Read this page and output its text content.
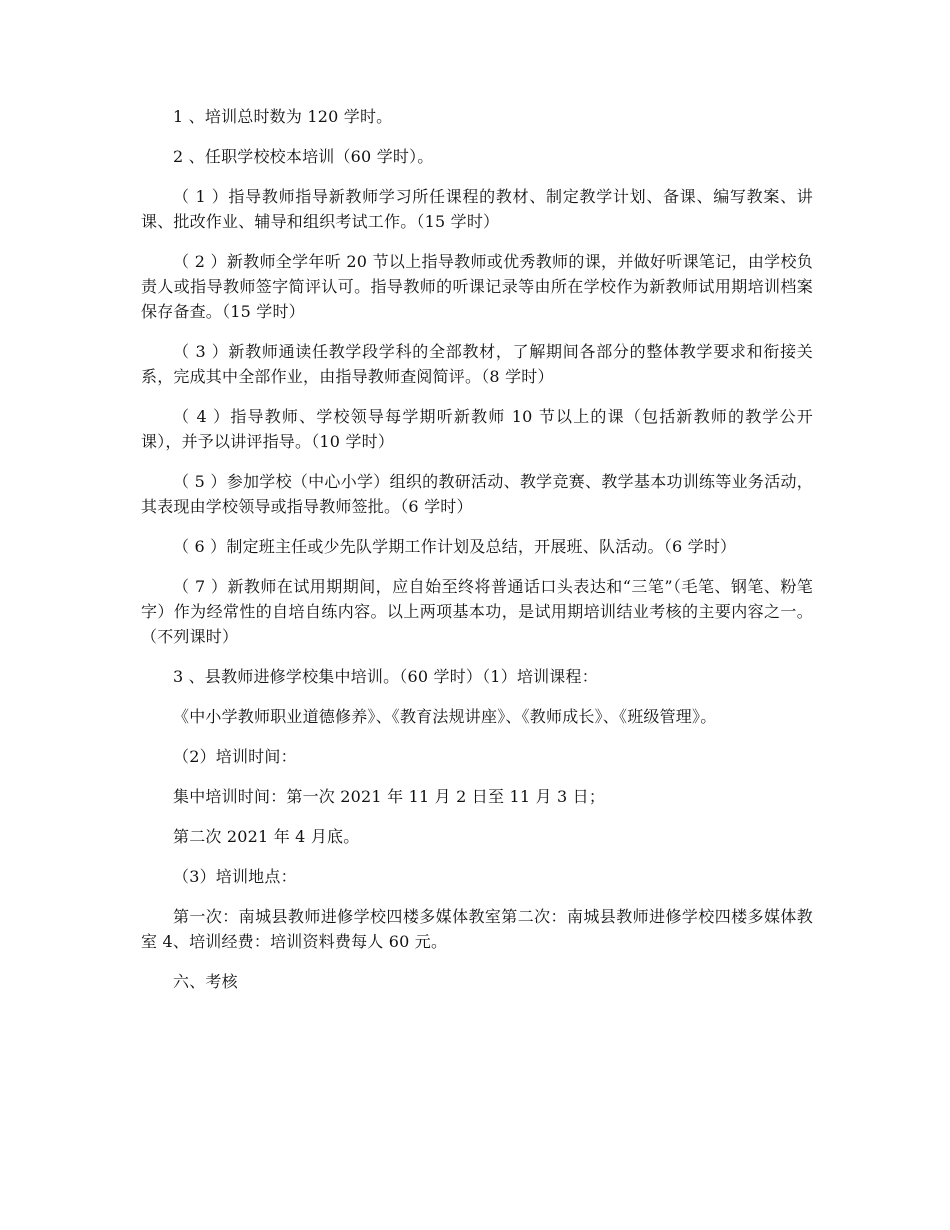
1 、培训总时数为 120 学时。

2 、任职学校校本培训（60 学时）。

（ 1 ）指导教师指导新教师学习所任课程的教材、制定教学计划、备课、编写教案、讲课、批改作业、辅导和组织考试工作。（15 学时）

（ 2 ）新教师全学年听 20 节以上指导教师或优秀教师的课，并做好听课笔记，由学校负责人或指导教师签字简评认可。指导教师的听课记录等由所在学校作为新教师试用期培训档案保存备查。（15 学时）

（ 3 ）新教师通读任教学段学科的全部教材，了解期间各部分的整体教学要求和衔接关系，完成其中全部作业，由指导教师查阅简评。（8 学时）

（ 4 ）指导教师、学校领导每学期听新教师 10 节以上的课（包括新教师的教学公开课），并予以讲评指导。（10 学时）

（ 5 ）参加学校（中心小学）组织的教研活动、教学竞赛、教学基本功训练等业务活动，其表现由学校领导或指导教师签批。（6 学时）

（ 6 ）制定班主任或少先队学期工作计划及总结，开展班、队活动。（6 学时）

（ 7 ）新教师在试用期期间，应自始至终将普通话口头表达和“三笔”（毛笔、钢笔、粉笔字）作为经常性的自培自练内容。以上两项基本功，是试用期培训结业考核的主要内容之一。（不列课时）

3 、县教师进修学校集中培训。（60 学时）（1）培训课程：

《中小学教师职业道德修养》、《教育法规讲座》、《教师成长》、《班级管理》。

（2）培训时间：

集中培训时间：第一次 2021 年 11 月 2 日至 11 月 3 日；

第二次 2021 年 4 月底。

（3）培训地点：

第一次：南城县教师进修学校四楼多媒体教室第二次：南城县教师进修学校四楼多媒体教室 4、培训经费：培训资料费每人 60 元。

六、考核
